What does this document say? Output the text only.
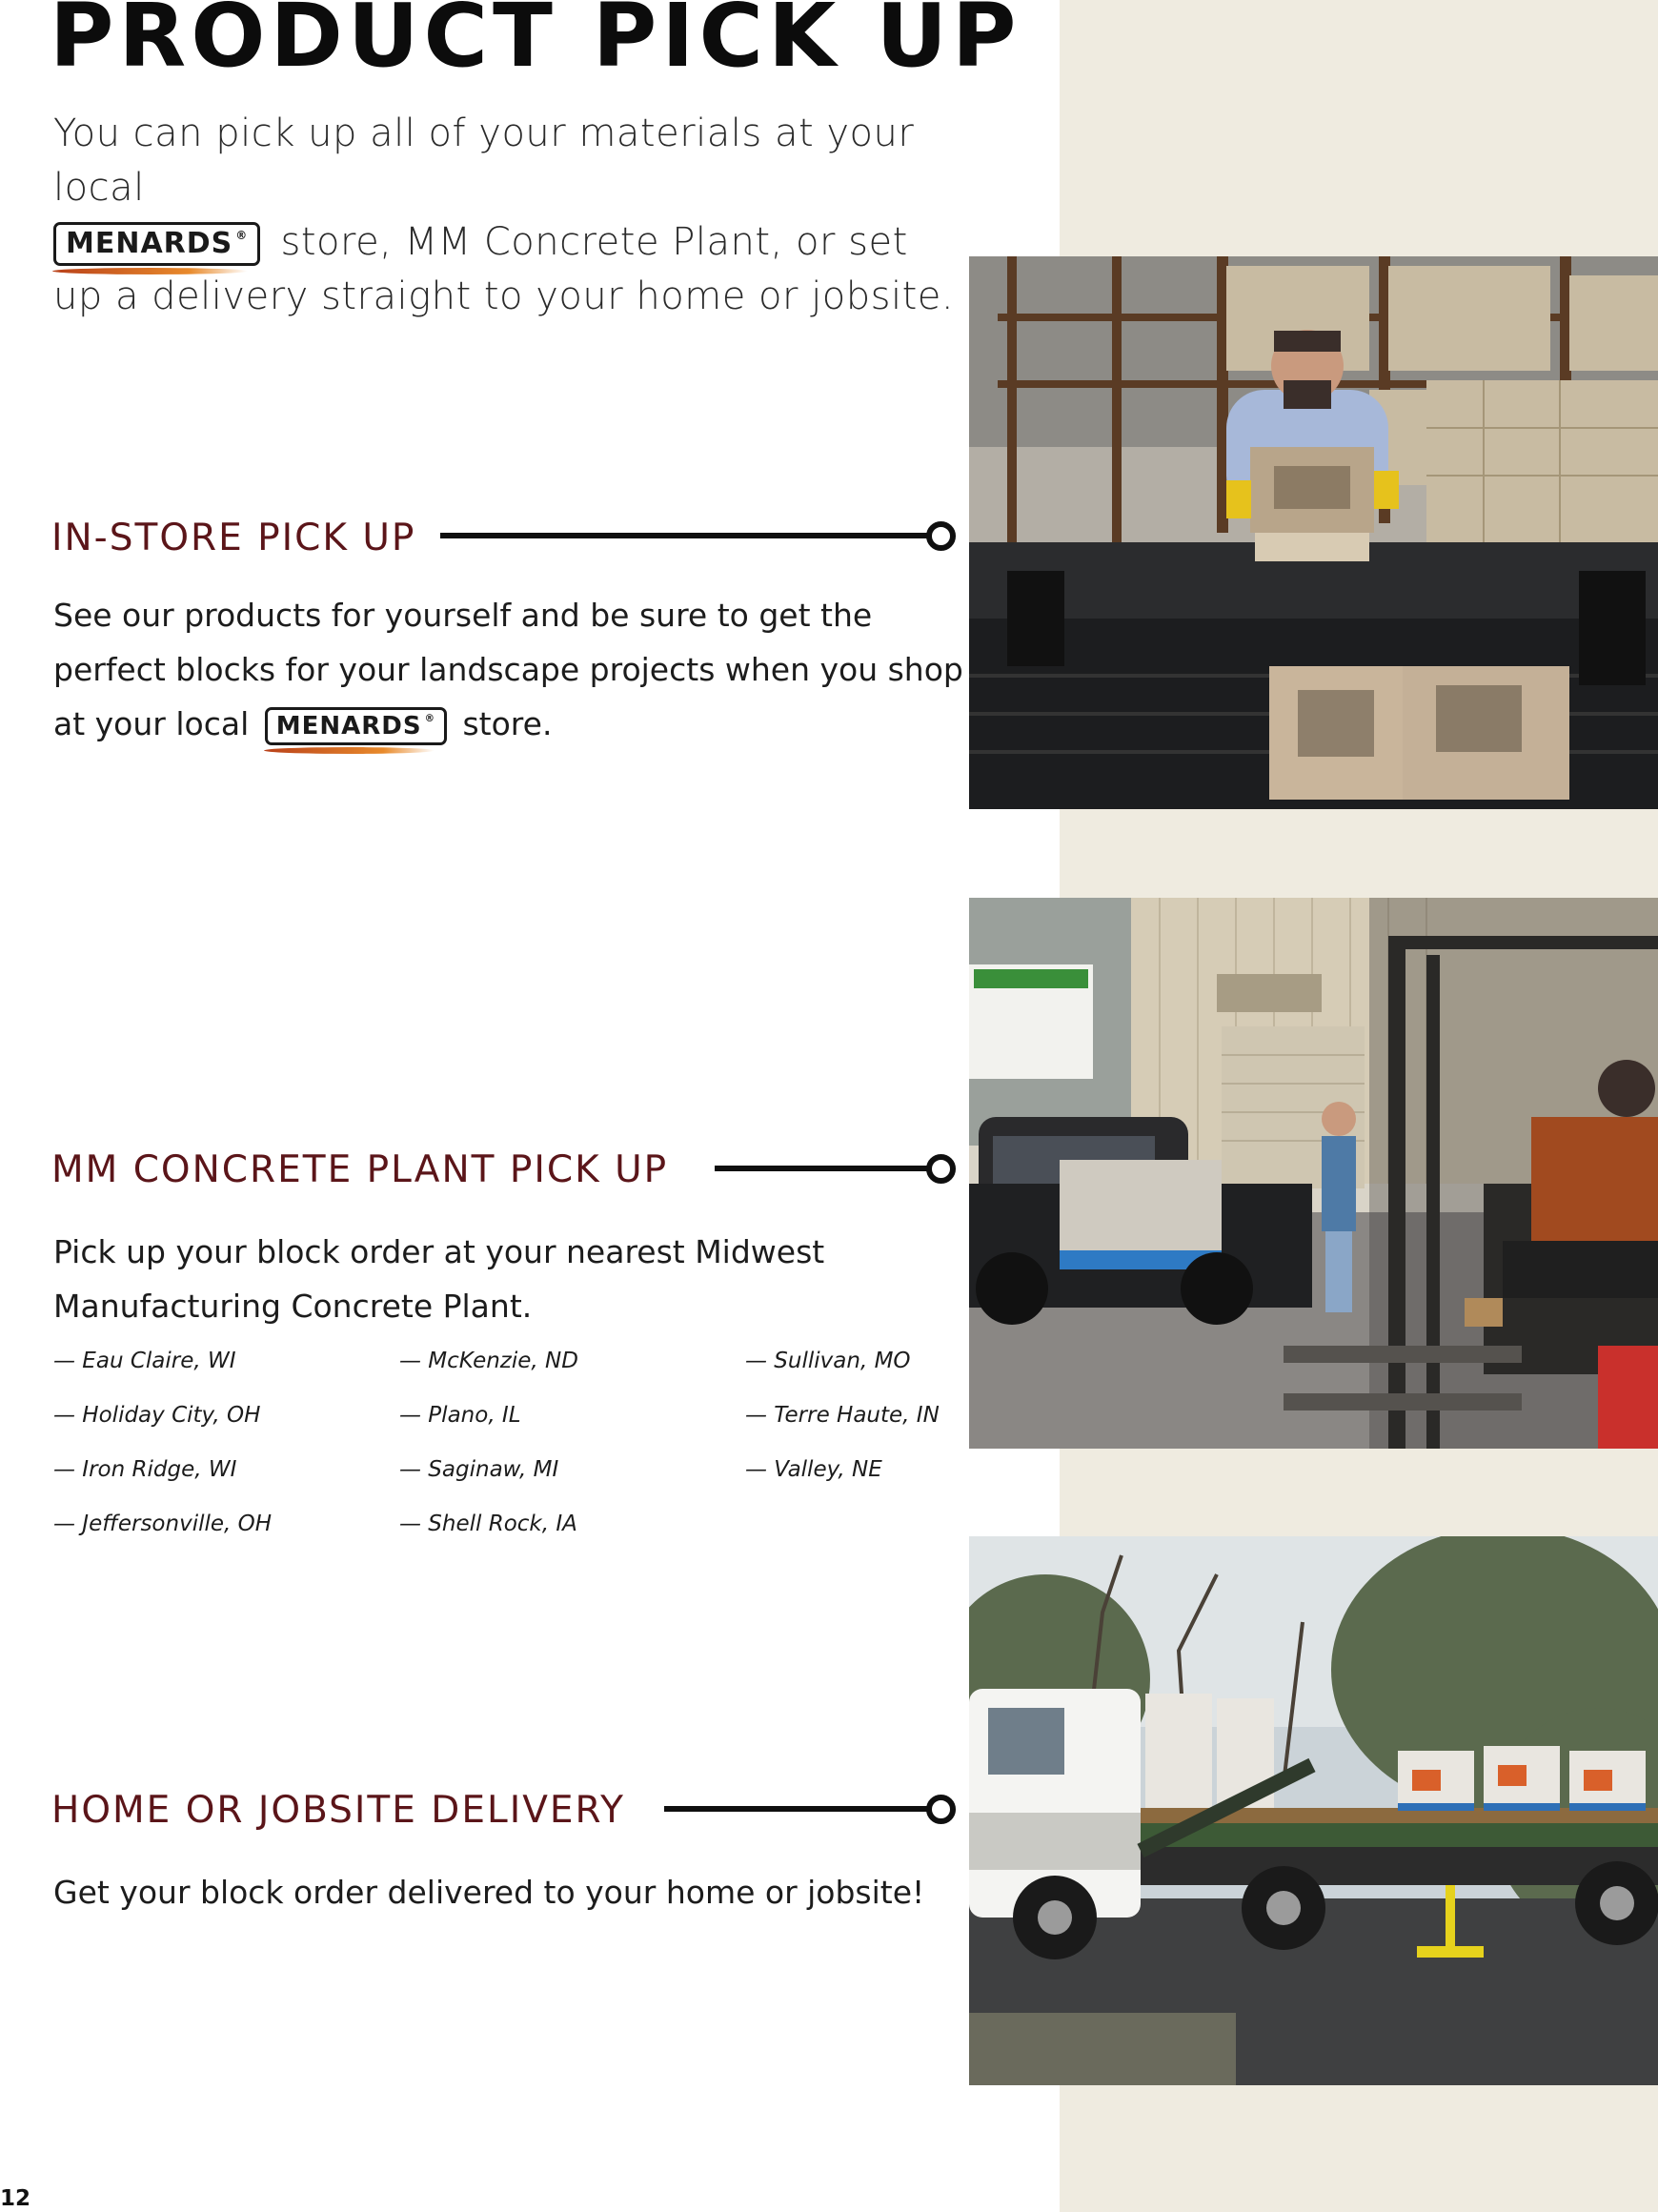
PRODUCT PICK UP
You can pick up all of your materials at your local
MENARDS ® store, MM Concrete Plant, or set up a delivery straight to your home or jobsite.
IN-STORE PICK UP
See our products for yourself and be sure to get the perfect blocks for your landscape projects when you shop at your local MENARDS ® store.
MM CONCRETE PLANT PICK UP
Pick up your block order at your nearest Midwest Manufacturing Concrete Plant.
— Eau Claire, WI	— McKenzie, ND	— Sullivan, MO
— Holiday City, OH	— Plano, IL	— Terre Haute, IN
— Iron Ridge, WI	— Saginaw, MI	— Valley, NE
— Jeffersonville, OH	— Shell Rock, IA
HOME OR JOBSITE DELIVERY
Get your block order delivered to your home or jobsite!
12
